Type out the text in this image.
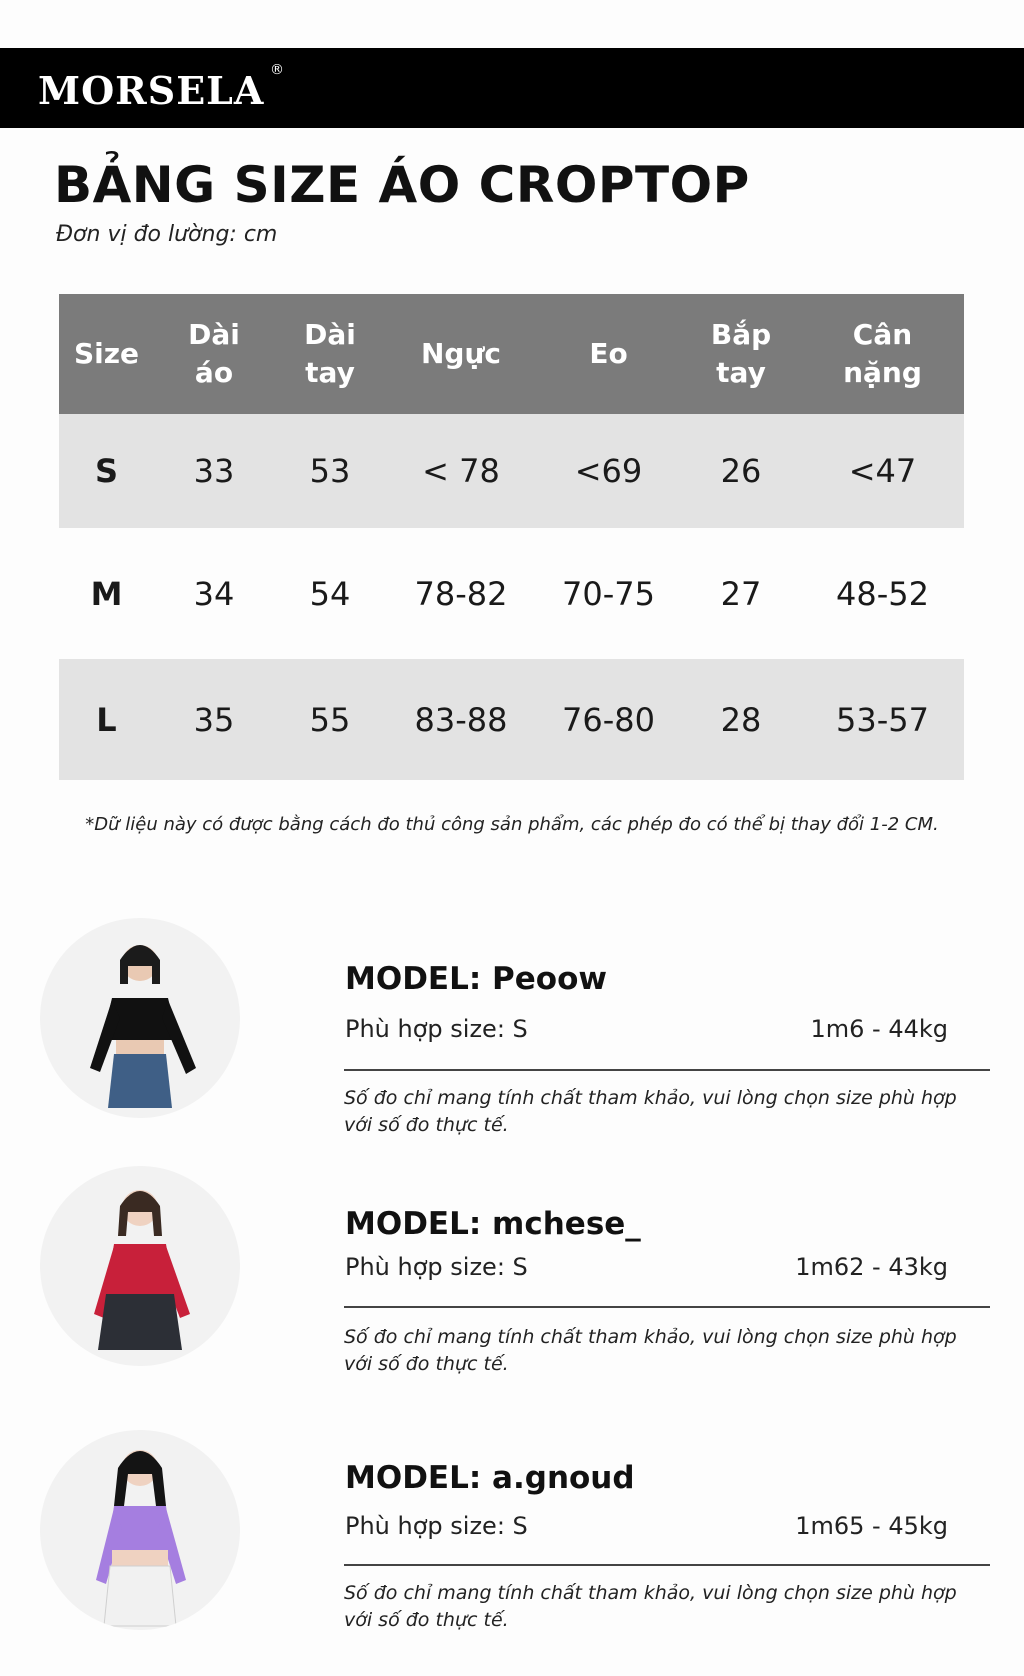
MORSELA ®
BẢNG SIZE ÁO CROPTOP
Đơn vị đo lường: cm
Size	Dài áo	Dài tay	Ngực	Eo	Bắp tay	Cân nặng
S	33	53	< 78	<69	26	<47
M	34	54	78-82	70-75	27	48-52
L	35	55	83-88	76-80	28	53-57
*Dữ liệu này có được bằng cách đo thủ công sản phẩm, các phép đo có thể bị thay đổi 1-2 CM.
MODEL: Peoow
Phù hợp size: S	1m6 - 44kg
Số đo chỉ mang tính chất tham khảo, vui lòng chọn size phù hợp với số đo thực tế.
MODEL: mchese_
Phù hợp size: S	1m62 - 43kg
Số đo chỉ mang tính chất tham khảo, vui lòng chọn size phù hợp với số đo thực tế.
MODEL: a.gnoud
Phù hợp size: S	1m65 - 45kg
Số đo chỉ mang tính chất tham khảo, vui lòng chọn size phù hợp với số đo thực tế.
